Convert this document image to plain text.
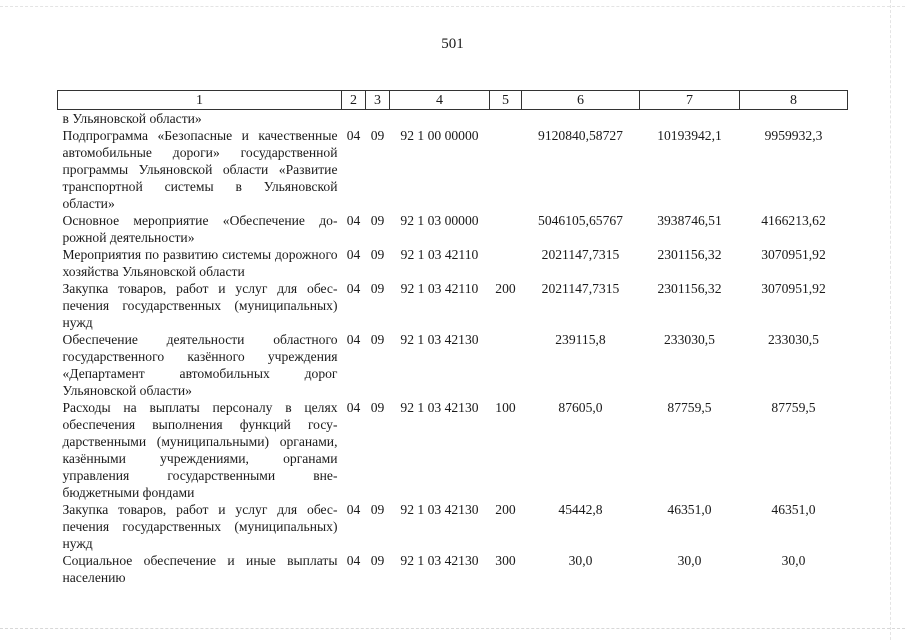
501
1	2	3	4	5	6	7	8
в Ульяновской области»							
Подпрограмма «Безопасные и качественные автомобильные дороги» государственной программы Ульяновской области «Развитие транспортной системы в Ульяновской области»	04	09	92 1 00 00000		9120840,58727	10193942,1	9959932,3
Основное мероприятие «Обеспечение дорожной деятельности»	04	09	92 1 03 00000		5046105,65767	3938746,51	4166213,62
Мероприятия по развитию системы дорожного хозяйства Ульяновской области	04	09	92 1 03 42110		2021147,7315	2301156,32	3070951,92
Закупка товаров, работ и услуг для обеспечения государственных (муниципальных) нужд	04	09	92 1 03 42110	200	2021147,7315	2301156,32	3070951,92
Обеспечение деятельности областного государственного казённого учреждения «Департамент автомобильных дорог Ульяновской области»	04	09	92 1 03 42130		239115,8	233030,5	233030,5
Расходы на выплаты персоналу в целях обеспечения выполнения функций государственными (муниципальными) органами, казёнными учреждениями, органами управления государственными внебюджетными фондами	04	09	92 1 03 42130	100	87605,0	87759,5	87759,5
Закупка товаров, работ и услуг для обеспечения государственных (муниципальных) нужд	04	09	92 1 03 42130	200	45442,8	46351,0	46351,0
Социальное обеспечение и иные выплаты населению	04	09	92 1 03 42130	300	30,0	30,0	30,0
